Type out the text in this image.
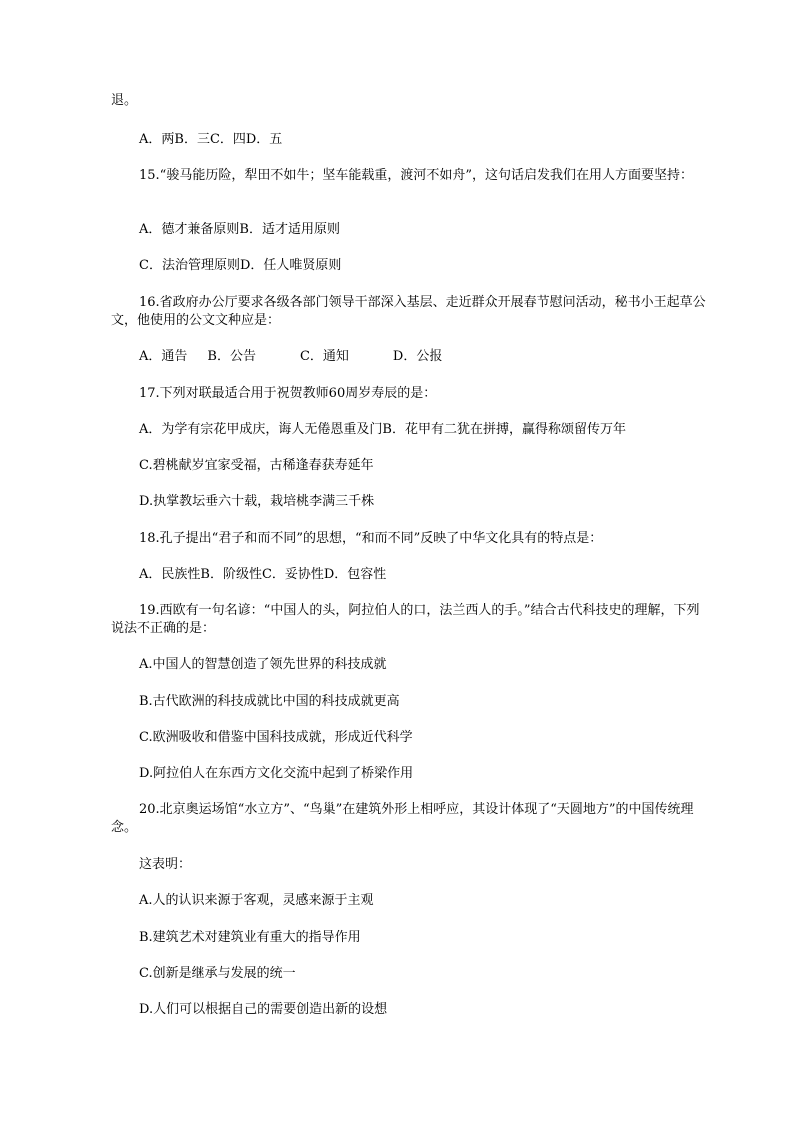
退。
A．两B．三C．四D．五
15.“骏马能历险，犁田不如牛；坚车能载重，渡河不如舟”，这句话启发我们在用人方面要坚持：
A．德才兼备原则B．适才适用原则
C．法治管理原则D．任人唯贤原则
16.省政府办公厅要求各级各部门领导干部深入基层、走近群众开展春节慰问活动，秘书小王起草公文，他使用的公文文种应是：
A．通告 B．公告	C．通知	D．公报
17.下列对联最适合用于祝贺教师60周岁寿辰的是：
A．为学有宗花甲成庆，诲人无倦恩重及门B．花甲有二犹在拼搏，赢得称颂留传万年
C.碧桃献岁宜家受福，古稀逢春获寿延年
D.执掌教坛垂六十载，栽培桃李满三千株
18.孔子提出“君子和而不同”的思想，“和而不同”反映了中华文化具有的特点是：
A．民族性B．阶级性C．妥协性D．包容性
19.西欧有一句名谚：“中国人的头，阿拉伯人的口，法兰西人的手。”结合古代科技史的理解，下列说法不正确的是：
A.中国人的智慧创造了领先世界的科技成就
B.古代欧洲的科技成就比中国的科技成就更高
C.欧洲吸收和借鉴中国科技成就，形成近代科学
D.阿拉伯人在东西方文化交流中起到了桥梁作用
20.北京奥运场馆“水立方”、“鸟巢”在建筑外形上相呼应，其设计体现了“天圆地方”的中国传统理念。
这表明：
A.人的认识来源于客观，灵感来源于主观
B.建筑艺术对建筑业有重大的指导作用
C.创新是继承与发展的统一
D.人们可以根据自己的需要创造出新的设想
